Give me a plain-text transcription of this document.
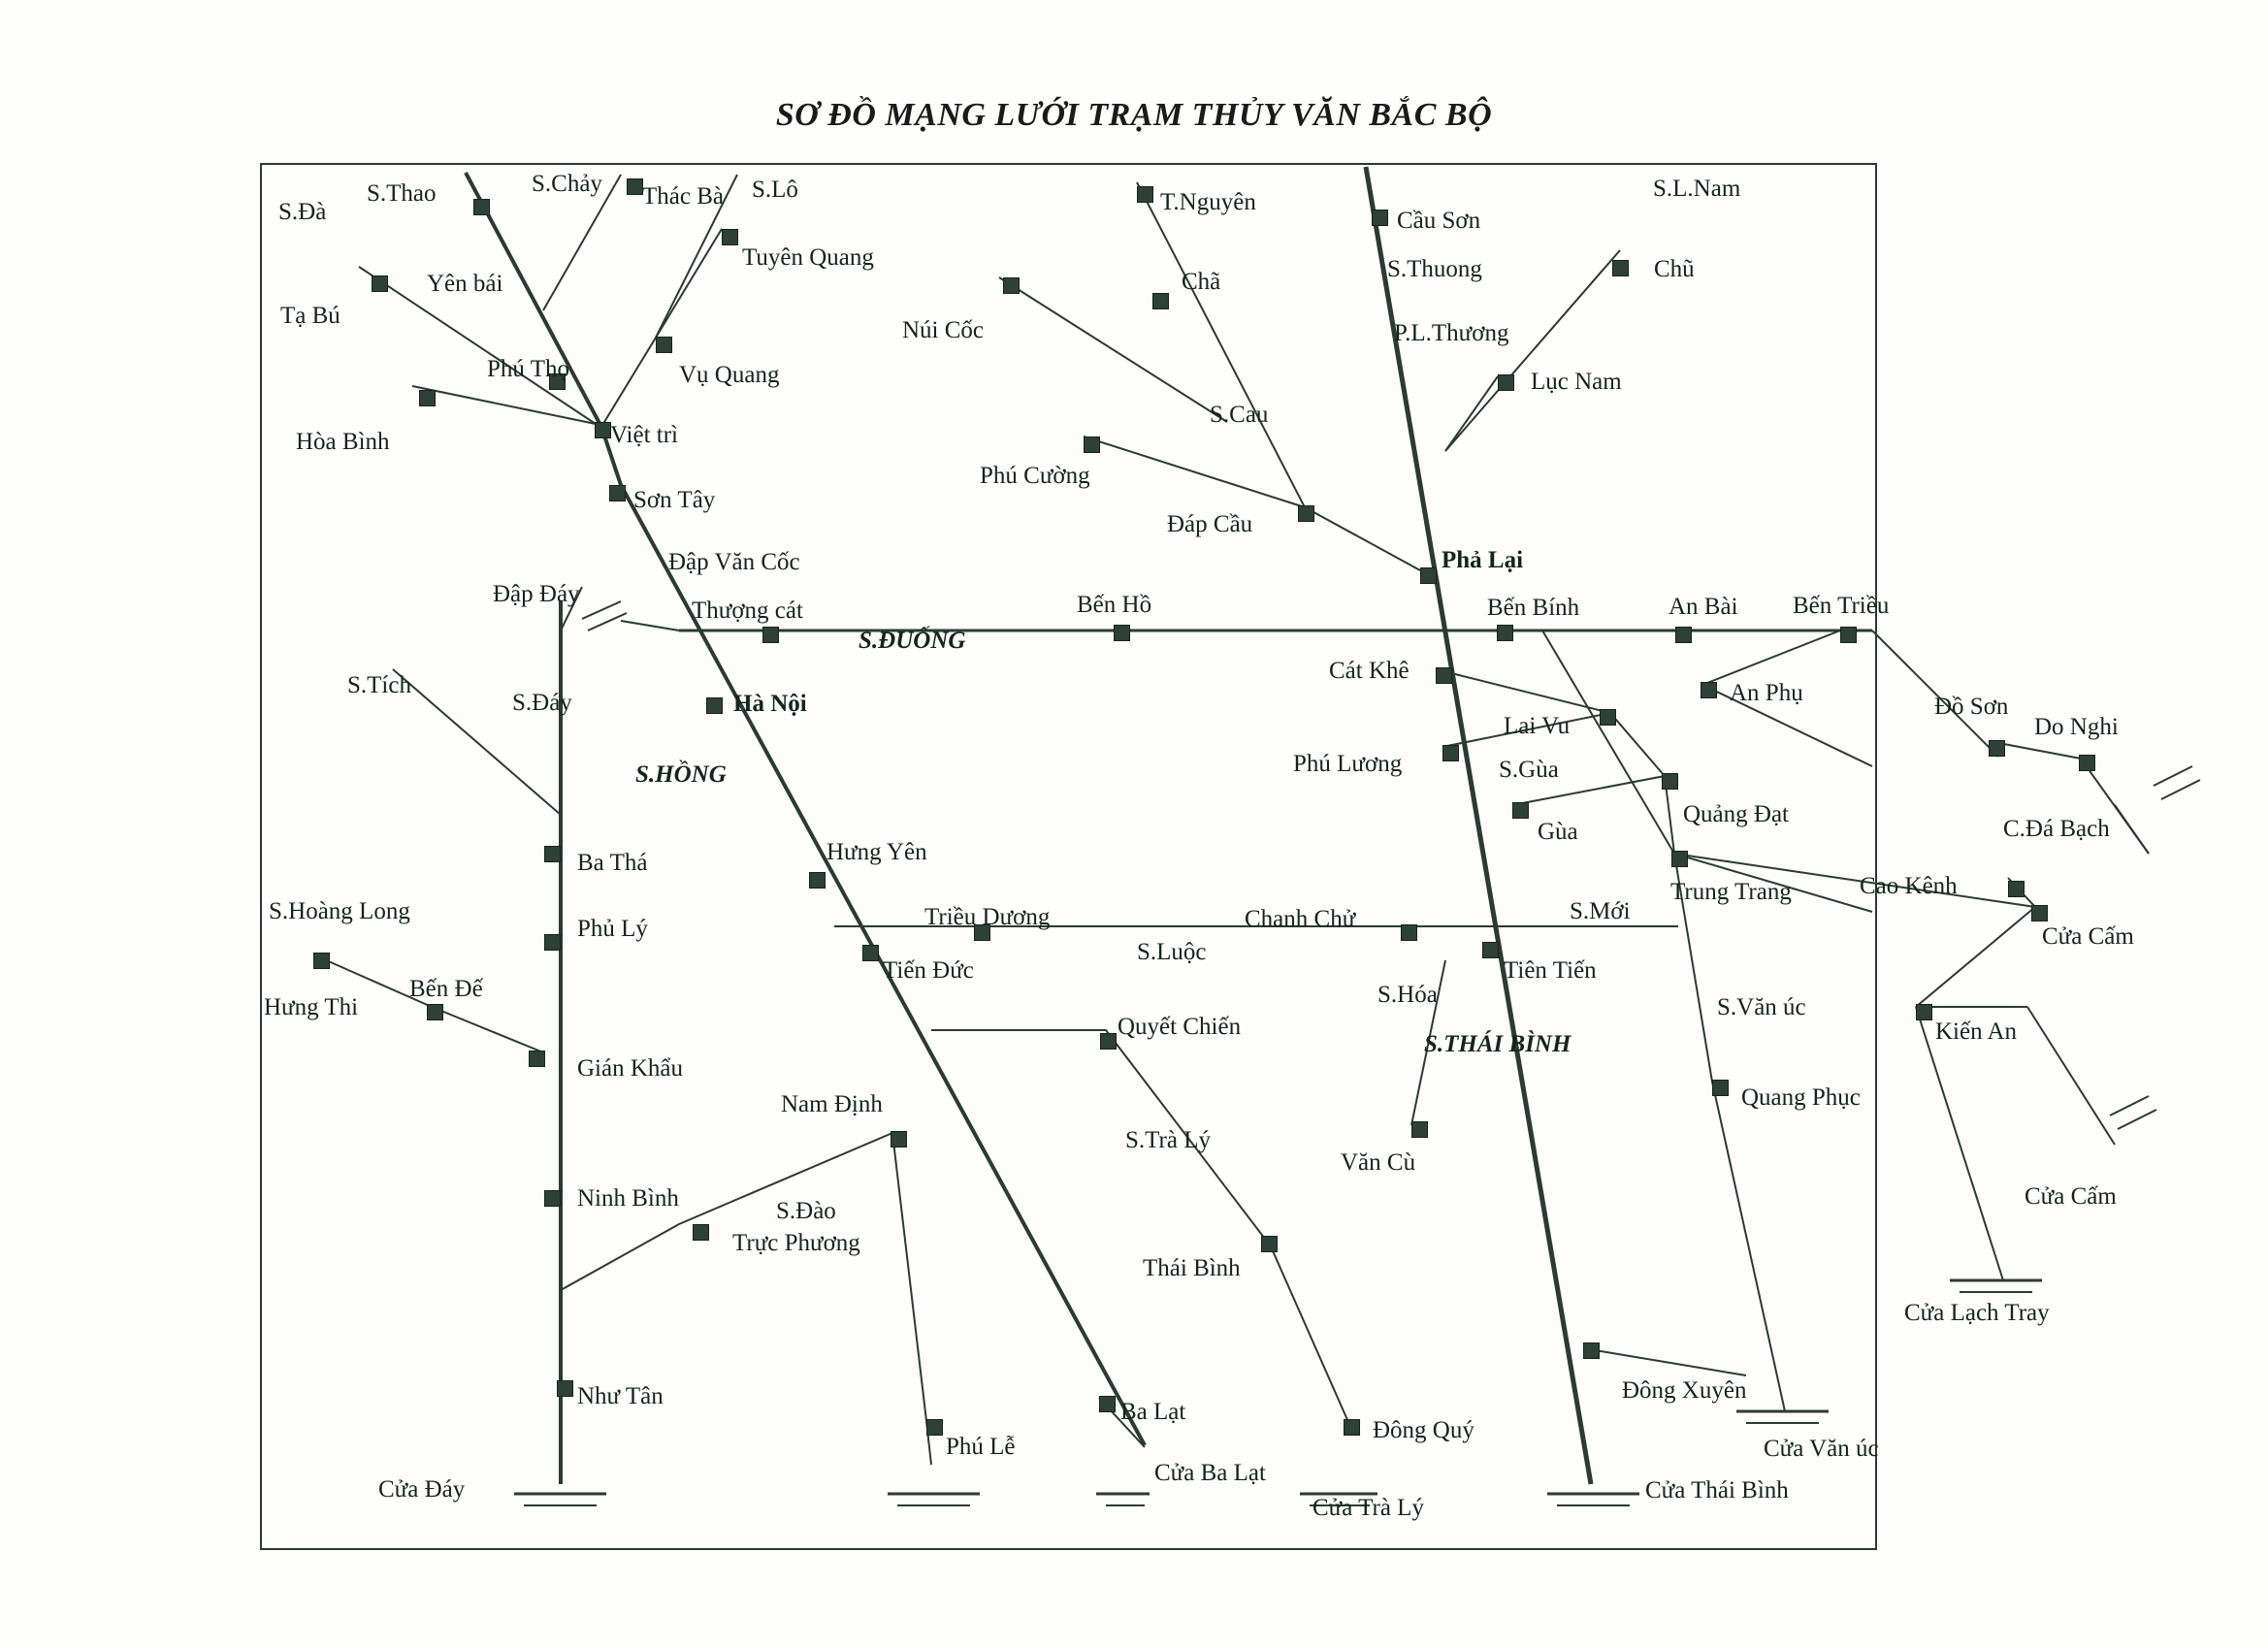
SƠ ĐỒ MẠNG LƯỚI TRẠM THỦY VĂN BẮC BỘ
Tạ Bú
Yên bái
Thác Bà
Tuyên Quang
Phú Thọ	Vụ Quang
Hòa Bình	Việt trì
Sơn Tây
Đập Văn Cốc
Đập Đáy
Thượng cát	Bến Hồ
Hà Nội
Ba Thá
Phủ Lý
Hưng Yên
Triều Dương
Tiến Đức
Hưng Thi
Bến Đế
Gián Khẩu
Nam Định
Ninh Bình
Trực Phương
Như Tân
Cửa Đáy
Phú Lễ
Ba Lạt
Cửa Ba Lạt
Quyết Chiến
Thái Bình
Đông Quý
Cửa Trà Lý
Văn Cù
Núi Cốc
T.Nguyên
Chã
Phú Cường
Đáp Cầu
Cầu Sơn
Chũ
Lục Nam
Phả Lại
Bến Bính	An Bài Bến Triều
Cát Khê
An Phụ
Đồ Sơn
Do Nghi
Lai Vu
Phú Lương
Quảng Đạt
Gùa	C.Đá Bạch
Trung Trang	Cao Kênh
Chanh Chử
Tiên Tiến
Cửa Cấm
Kiến An
Quang Phục
Cửa Cấm
Cửa Lạch Tray
Đông Xuyên
Cửa Văn úc
Cửa Thái Bình
S.ĐUỐNG
S.HỒNG
S.THÁI BÌNH
S.Luộc
S.Cau
S.Đà
S.Thao	S.Chảy	S.Lô
S.Tích
S.Đáy
S.Hoàng Long
S.Đào
S.Trà Lý
S.Hóa
S.Gùa
S.Mới
S.Văn úc
S.L.Nam
S.Thuong
P.L.Thương
